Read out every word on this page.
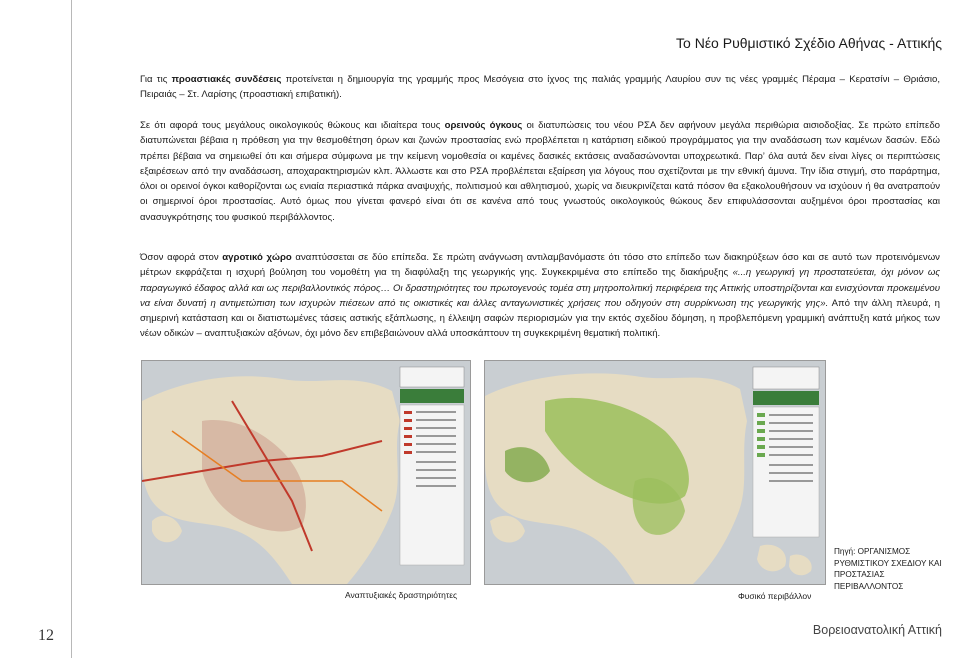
Το Νέο Ρυθμιστικό Σχέδιο Αθήνας - Αττικής

Για τις προαστιακές συνδέσεις προτείνεται η δημιουργία της γραμμής προς Μεσόγεια στο ίχνος της παλιάς γραμμής Λαυρίου συν τις νέες γραμμές Πέραμα – Κερατσίνι – Θριάσιο, Πειραιάς – Στ. Λαρίσης (προαστιακή επιβατική).

Σε ότι αφορά τους μεγάλους οικολογικούς θώκους και ιδιαίτερα τους ορεινούς όγκους οι διατυπώσεις του νέου ΡΣΑ δεν αφήνουν μεγάλα περιθώρια αισιοδοξίας. Σε πρώτο επίπεδο διατυπώνεται βέβαια η πρόθεση για την θεσμοθέτηση όρων και ζωνών προστασίας ενώ προβλέπεται η κατάρτιση ειδικού προγράμματος για την αναδάσωση των καμένων δασών. Εδώ πρέπει βέβαια να σημειωθεί ότι και σήμερα σύμφωνα με την κείμενη νομοθεσία οι καμένες δασικές εκτάσεις αναδασώνονται υποχρεωτικά. Παρ’ όλα αυτά δεν είναι λίγες οι περιπτώσεις εξαιρέσεων από την αναδάσωση, αποχαρακτηρισμών κλπ. Άλλωστε και στο ΡΣΑ προβλέπεται εξαίρεση για λόγους που σχετίζονται με την εθνική άμυνα. Την ίδια στιγμή, στο παράρτημα, όλοι οι ορεινοί όγκοι καθορίζονται ως ενιαία περιαστικά πάρκα αναψυχής, πολιτισμού και αθλητισμού, χωρίς να διευκρινίζεται κατά πόσον θα εξακολουθήσουν να ισχύουν ή θα ανατραπούν οι σημερινοί όροι προστασίας. Αυτό όμως που γίνεται φανερό είναι ότι σε κανένα από τους γνωστούς οικολογικούς θώκους δεν επιφυλάσσονται αυξημένοι όροι προστασίας και ανασυγκρότησης του φυσικού περιβάλλοντος.

Όσον αφορά στον αγροτικό χώρο αναπτύσσεται σε δύο επίπεδα. Σε πρώτη ανάγνωση αντιλαμβανόμαστε ότι τόσο στο επίπεδο των διακηρύξεων όσο και σε αυτό των προτεινόμενων μέτρων εκφράζεται η ισχυρή βούληση του νομοθέτη για τη διαφύλαξη της γεωργικής γης. Συγκεκριμένα στο επίπεδο της διακήρυξης «...η γεωργική γη προστατεύεται, όχι μόνον ως παραγωγικό έδαφος αλλά και ως περιβαλλοντικός πόρος… Οι δραστηριότητες του πρωτογενούς τομέα στη μητροπολιτική περιφέρεια της Αττικής υποστηρίζονται και ενισχύονται προκειμένου να είναι δυνατή η αντιμετώπιση των ισχυρών πιέσεων από τις οικιστικές και άλλες ανταγωνιστικές χρήσεις που οδηγούν στη συρρίκνωση της γεωργικής γης». Από την άλλη πλευρά, η σημερινή κατάσταση και οι διατιστωμένες τάσεις αστικής εξάπλωσης, η έλλειψη σαφών περιορισμών για την εκτός σχεδίου δόμηση, η προβλεπόμενη γραμμική ανάπτυξη κατά μήκος των νέων οδικών – αναπτυξιακών αξόνων, όχι μόνο δεν επιβεβαιώνουν αλλά υποσκάπτουν τη συγκεκριμένη θεματική πολιτική.

Αναπτυξιακές δραστηριότητες	Φυσικό περιβάλλον
Πηγή: ΟΡΓΑΝΙΣΜΟΣ
ΡΥΘΜΙΣΤΙΚΟΥ ΣΧΕΔΙΟΥ ΚΑΙ
ΠΡΟΣΤΑΣΙΑΣ
ΠΕΡΙΒΑΛΛΟΝΤΟΣ
12	Βορειοανατολική Αττική
